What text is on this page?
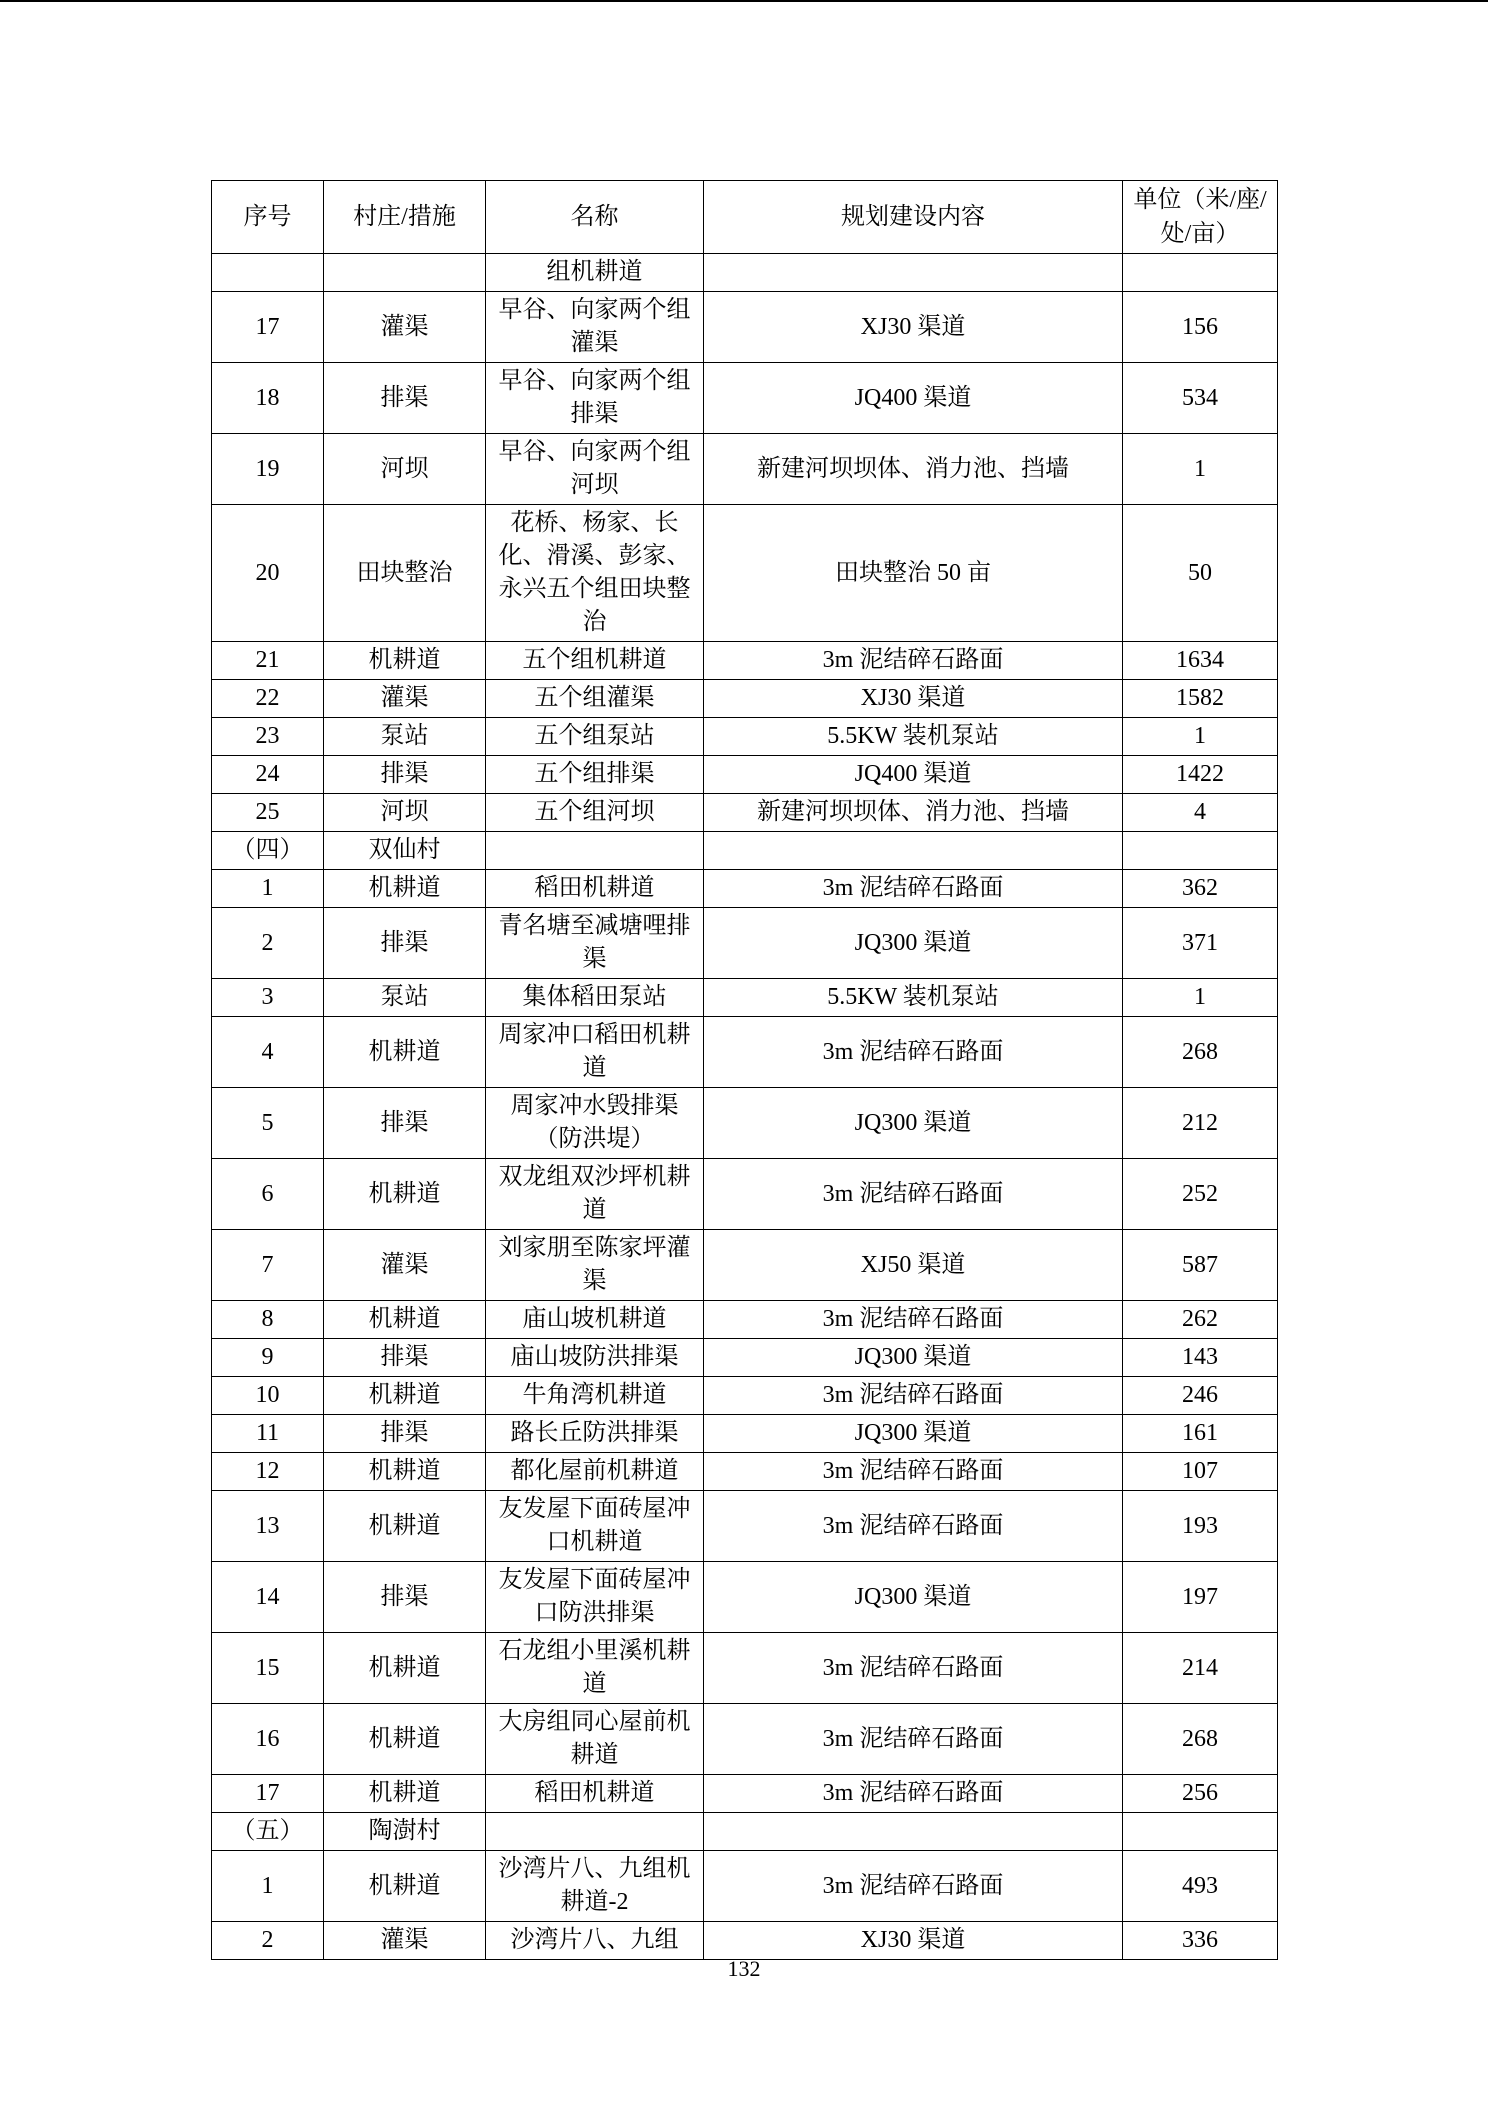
序号	村庄/措施	名称	规划建设内容	单位（米/座/处/亩）
		组机耕道		
17	灌渠	早谷、向家两个组灌渠	XJ30 渠道	156
18	排渠	早谷、向家两个组排渠	JQ400 渠道	534
19	河坝	早谷、向家两个组河坝	新建河坝坝体、消力池、挡墙	1
20	田块整治	花桥、杨家、长化、滑溪、彭家、永兴五个组田块整治	田块整治 50 亩	50
21	机耕道	五个组机耕道	3m 泥结碎石路面	1634
22	灌渠	五个组灌渠	XJ30 渠道	1582
23	泵站	五个组泵站	5.5KW 装机泵站	1
24	排渠	五个组排渠	JQ400 渠道	1422
25	河坝	五个组河坝	新建河坝坝体、消力池、挡墙	4
（四）	双仙村			
1	机耕道	稻田机耕道	3m 泥结碎石路面	362
2	排渠	青名塘至减塘哩排渠	JQ300 渠道	371
3	泵站	集体稻田泵站	5.5KW 装机泵站	1
4	机耕道	周家冲口稻田机耕道	3m 泥结碎石路面	268
5	排渠	周家冲水毁排渠（防洪堤）	JQ300 渠道	212
6	机耕道	双龙组双沙坪机耕道	3m 泥结碎石路面	252
7	灌渠	刘家朋至陈家坪灌渠	XJ50 渠道	587
8	机耕道	庙山坡机耕道	3m 泥结碎石路面	262
9	排渠	庙山坡防洪排渠	JQ300 渠道	143
10	机耕道	牛角湾机耕道	3m 泥结碎石路面	246
11	排渠	路长丘防洪排渠	JQ300 渠道	161
12	机耕道	都化屋前机耕道	3m 泥结碎石路面	107
13	机耕道	友发屋下面砖屋冲口机耕道	3m 泥结碎石路面	193
14	排渠	友发屋下面砖屋冲口防洪排渠	JQ300 渠道	197
15	机耕道	石龙组小里溪机耕道	3m 泥结碎石路面	214
16	机耕道	大房组同心屋前机耕道	3m 泥结碎石路面	268
17	机耕道	稻田机耕道	3m 泥结碎石路面	256
（五）	陶澍村			
1	机耕道	沙湾片八、九组机耕道-2	3m 泥结碎石路面	493
2	灌渠	沙湾片八、九组	XJ30 渠道	336
132
